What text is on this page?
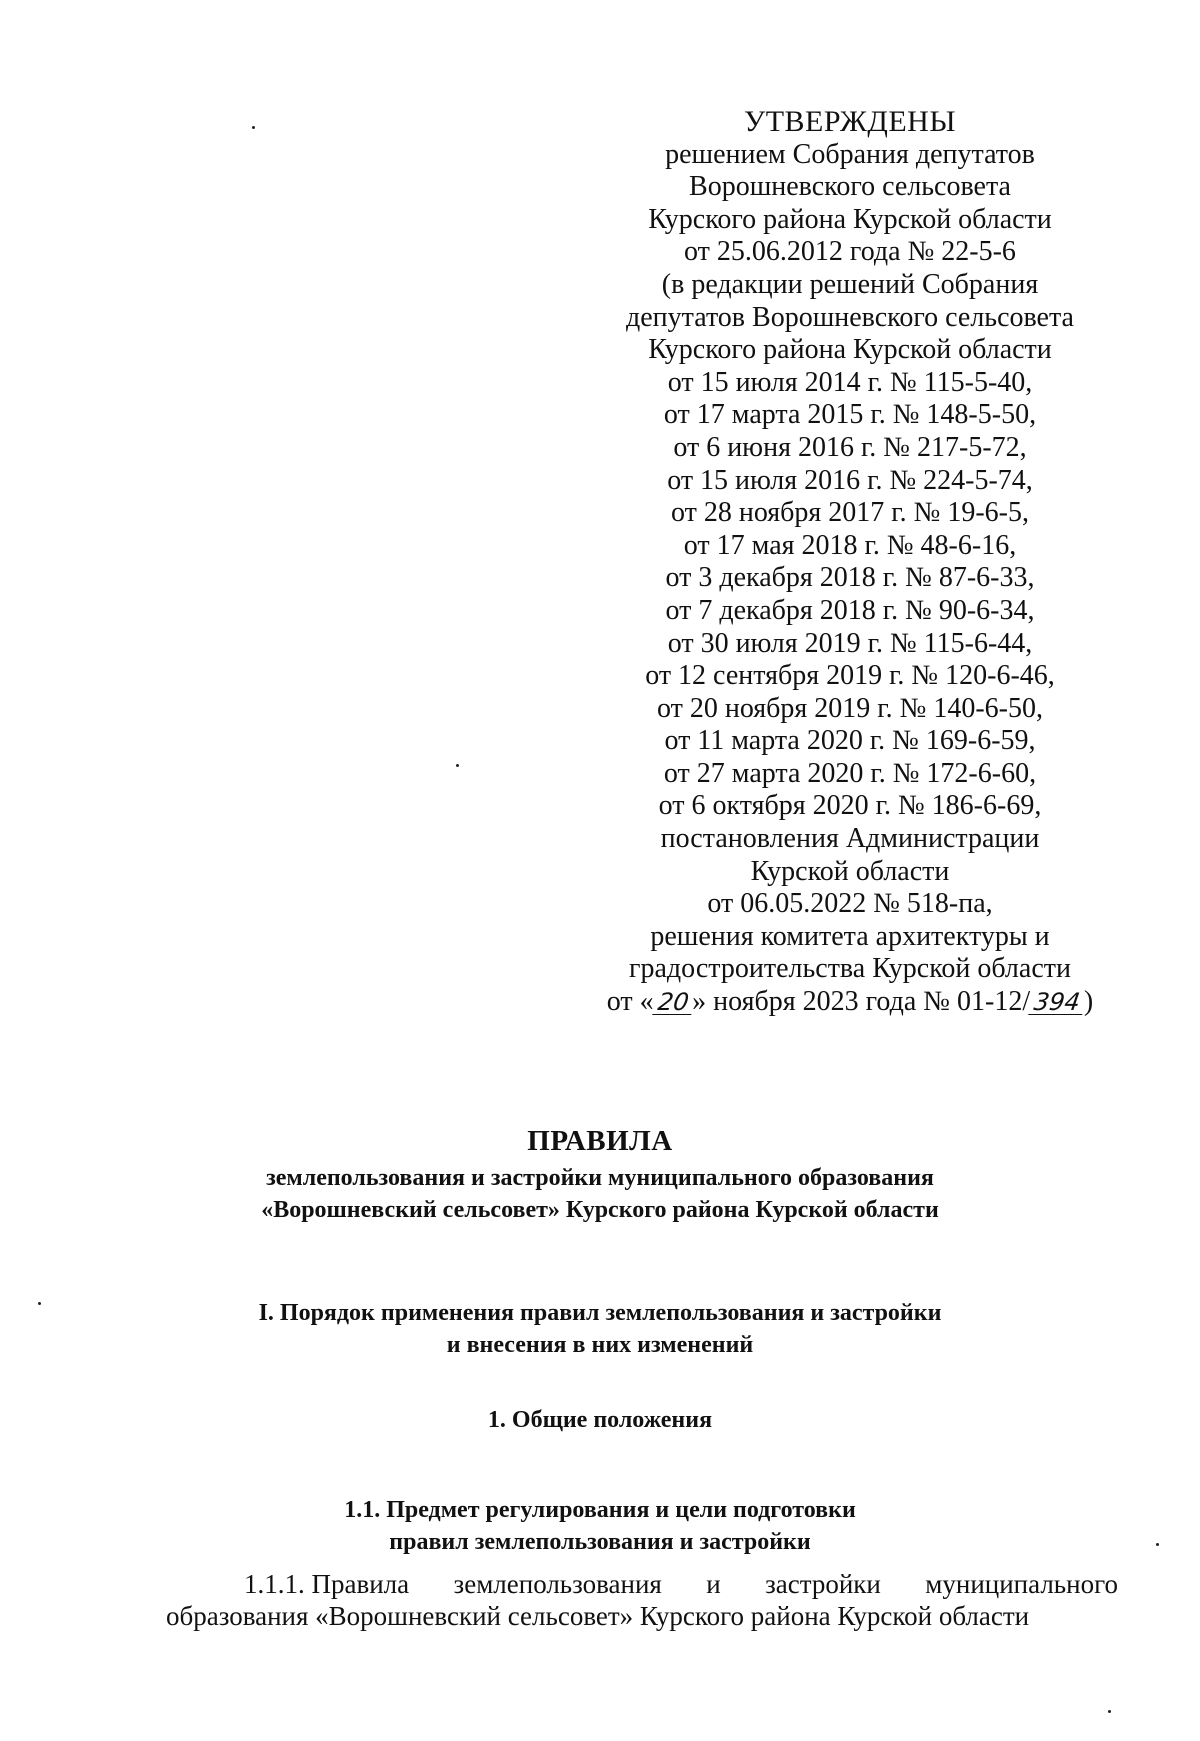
УТВЕРЖДЕНЫ
решением Собрания депутатов
Ворошневского сельсовета
Курского района Курской области
от 25.06.2012 года № 22-5-6
(в редакции решений Собрания
депутатов Ворошневского сельсовета
Курского района Курской области
от 15 июля 2014 г. № 115-5-40,
от 17 марта 2015 г. № 148-5-50,
от 6 июня 2016 г. № 217-5-72,
от 15 июля 2016 г. № 224-5-74,
от 28 ноября 2017 г. № 19-6-5,
от 17 мая 2018 г. № 48-6-16,
от 3 декабря 2018 г. № 87-6-33,
от 7 декабря 2018 г. № 90-6-34,
от 30 июля 2019 г. № 115-6-44,
от 12 сентября 2019 г. № 120-6-46,
от 20 ноября 2019 г. № 140-6-50,
от 11 марта 2020 г. № 169-6-59,
от 27 марта 2020 г. № 172-6-60,
от 6 октября 2020 г. № 186-6-69,
постановления Администрации
Курской области
от 06.05.2022 № 518-па,
решения комитета архитектуры и
градостроительства Курской области
от «20» ноября 2023 года № 01-12/394)
ПРАВИЛА
землепользования и застройки муниципального образования
«Ворошневский сельсовет» Курского района Курской области
I. Порядок применения правил землепользования и застройки
и внесения в них изменений
1. Общие положения
1.1. Предмет регулирования и цели подготовки
правил землепользования и застройки
1.1.1. Правила землепользования и застройки муниципального
образования «Ворошневский сельсовет» Курского района Курской области
